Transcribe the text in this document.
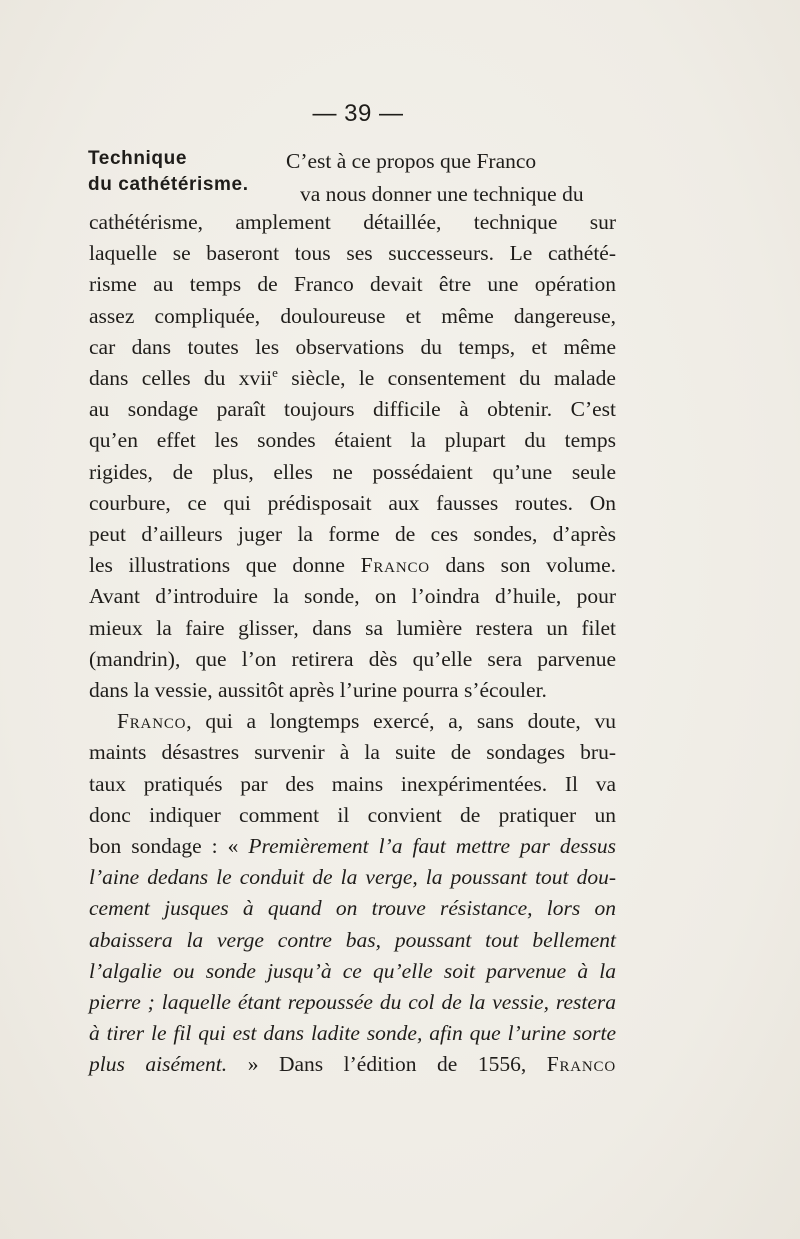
— 39 —
Technique
du cathétérisme.
C’est à ce propos que Franco
va nous donner une technique du
cathétérisme, amplement détaillée, technique sur
laquelle se baseront tous ses successeurs. Le cathété-
risme au temps de Franco devait être une opération
assez compliquée, douloureuse et même dangereuse,
car dans toutes les observations du temps, et même
dans celles du xvii$^e$ siècle, le consentement du malade
au sondage paraît toujours difficile à obtenir. C’est
qu’en effet les sondes étaient la plupart du temps
rigides, de plus, elles ne possédaient qu’une seule
courbure, ce qui prédisposait aux fausses routes. On
peut d’ailleurs juger la forme de ces sondes, d’après
les illustrations que donne Franco dans son volume.
Avant d’introduire la sonde, on l’oindra d’huile, pour
mieux la faire glisser, dans sa lumière restera un filet
(mandrin), que l’on retirera dès qu’elle sera parvenue
dans la vessie, aussitôt après l’urine pourra s’écouler.
Franco, qui a longtemps exercé, a, sans doute, vu
maints désastres survenir à la suite de sondages bru-
taux pratiqués par des mains inexpérimentées. Il va
donc indiquer comment il convient de pratiquer un
bon sondage : « Premièrement l’a faut mettre par dessus
l’aine dedans le conduit de la verge, la poussant tout dou-
cement jusques à quand on trouve résistance, lors on
abaissera la verge contre bas, poussant tout bellement
l’algalie ou sonde jusqu’à ce qu’elle soit parvenue à la
pierre ; laquelle étant repoussée du col de la vessie, restera
à tirer le fil qui est dans ladite sonde, afin que l’urine sorte
plus aisément. » Dans l’édition de 1556, Franco
